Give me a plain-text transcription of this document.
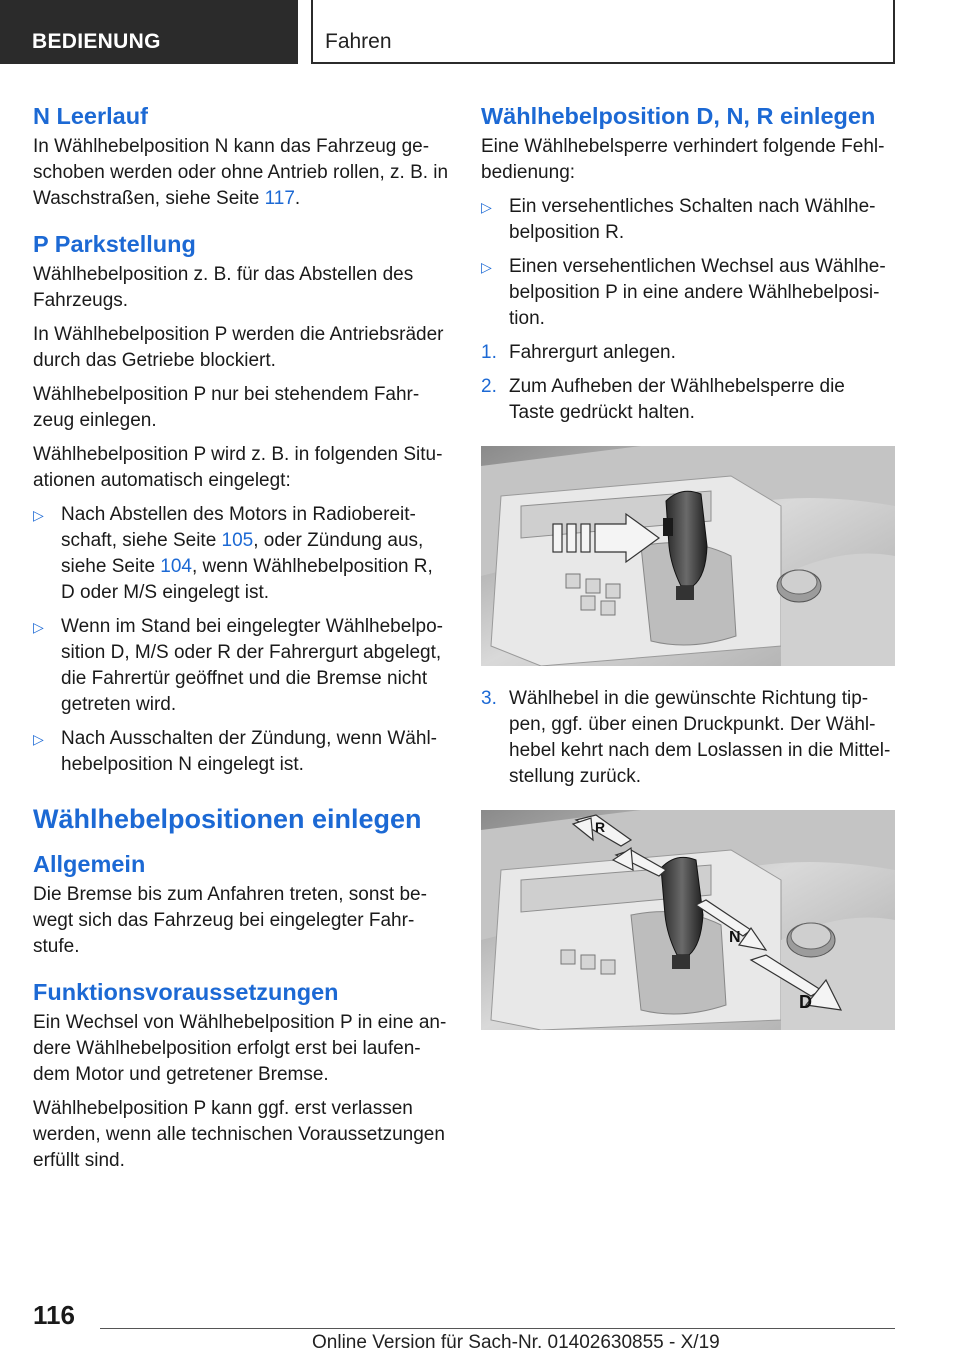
BEDIENUNG	Fahren
N Leerlauf

In Wählhebelposition N kann das Fahrzeug geschoben werden oder ohne Antrieb rollen, z. B. in Waschstraßen, siehe Seite 117.

P Parkstellung

Wählhebelposition z. B. für das Abstellen des Fahrzeugs.

In Wählhebelposition P werden die Antriebsräder durch das Getriebe blockiert.

Wählhebelposition P nur bei stehendem Fahrzeug einlegen.

Wählhebelposition P wird z. B. in folgenden Situationen automatisch eingelegt:

▷ Nach Abstellen des Motors in Radiobereitschaft, siehe Seite 105, oder Zündung aus, siehe Seite 104, wenn Wählhebelposition R, D oder M/S eingelegt ist.
▷ Wenn im Stand bei eingelegter Wählhebelposition D, M/S oder R der Fahrergurt abgelegt, die Fahrertür geöffnet und die Bremse nicht getreten wird.
▷ Nach Ausschalten der Zündung, wenn Wählhebelposition N eingelegt ist.
Wählhebelpositionen einlegen
Allgemein

Die Bremse bis zum Anfahren treten, sonst bewegt sich das Fahrzeug bei eingelegter Fahrstufe.

Funktionsvoraussetzungen

Ein Wechsel von Wählhebelposition P in eine andere Wählhebelposition erfolgt erst bei laufendem Motor und getretener Bremse.

Wählhebelposition P kann ggf. erst verlassen werden, wenn alle technischen Voraussetzungen erfüllt sind.

Wählhebelposition D, N, R einlegen

Eine Wählhebelsperre verhindert folgende Fehlbedienung:

▷ Ein versehentliches Schalten nach Wählhebelposition R.
▷ Einen versehentlichen Wechsel aus Wählhebelposition P in eine andere Wählhebelposition.
1. Fahrergurt anlegen.
2. Zum Aufheben der Wählhebelsperre die Taste gedrückt halten.
3. Wählhebel in die gewünschte Richtung tippen, ggf. über einen Druckpunkt. Der Wählhebel kehrt nach dem Loslassen in die Mittelstellung zurück.
R
N
D
116
Online Version für Sach-Nr. 01402630855 - X/19
